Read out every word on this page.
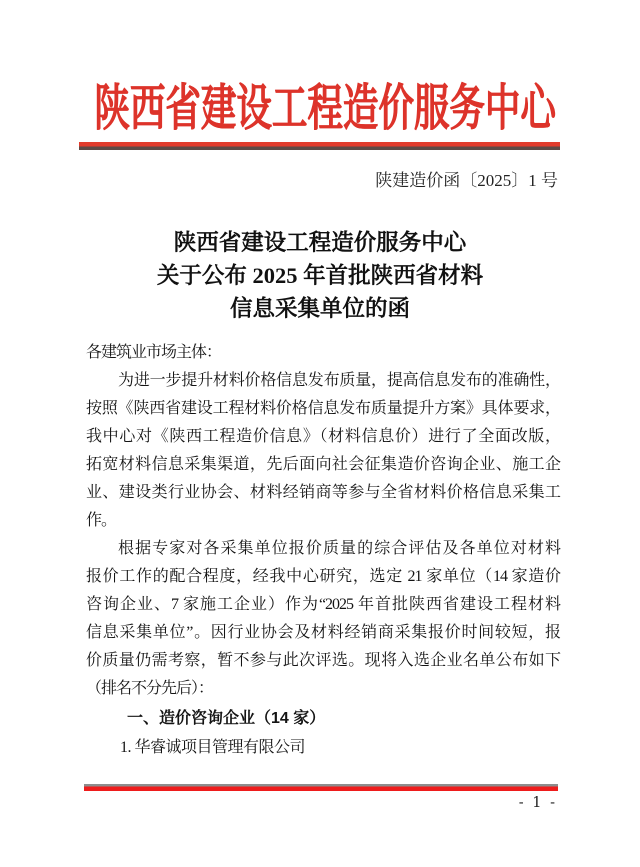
陕西省建设工程造价服务中心
陕建造价函〔2025〕1 号
陕西省建设工程造价服务中心
关于公布 2025 年首批陕西省材料
信息采集单位的函
各建筑业市场主体：
为进一步提升材料价格信息发布质量，提高信息发布的准确性，
按照《陕西省建设工程材料价格信息发布质量提升方案》具体要求，
我中心对《陕西工程造价信息》（材料信息价）进行了全面改版，
拓宽材料信息采集渠道，先后面向社会征集造价咨询企业、施工企
业、建设类行业协会、材料经销商等参与全省材料价格信息采集工
作。
根据专家对各采集单位报价质量的综合评估及各单位对材料
报价工作的配合程度，经我中心研究，选定 21 家单位（14 家造价
咨询企业、7 家施工企业）作为“2025 年首批陕西省建设工程材料
信息采集单位”。因行业协会及材料经销商采集报价时间较短，报
价质量仍需考察，暂不参与此次评选。现将入选企业名单公布如下
（排名不分先后）：
一、造价咨询企业（14 家）
1. 华睿诚项目管理有限公司
- 1 -
